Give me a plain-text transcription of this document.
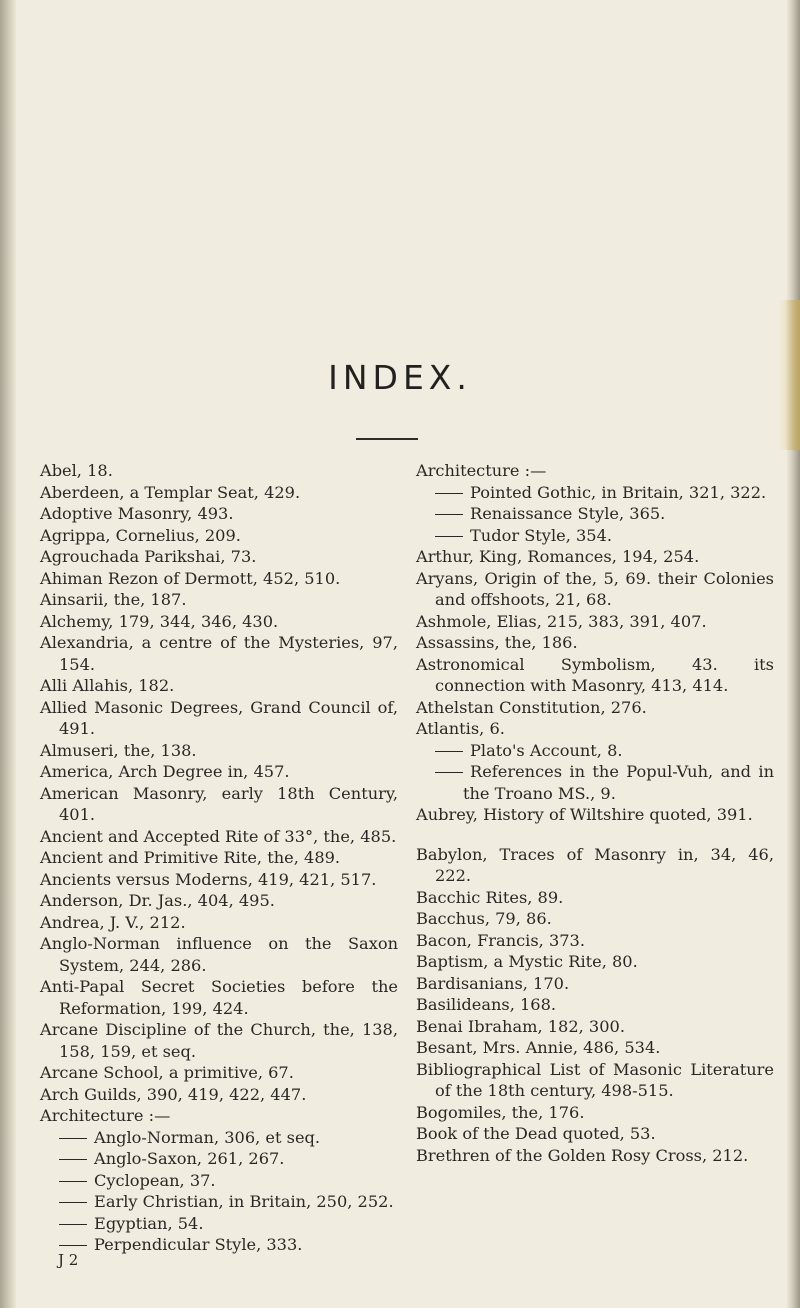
INDEX.

Abel, 18.

Aberdeen, a Templar Seat, 429.

Adoptive Masonry, 493.

Agrippa, Cornelius, 209.

Agrouchada Parikshai, 73.

Ahiman Rezon of Dermott, 452, 510.

Ainsarii, the, 187.

Alchemy, 179, 344, 346, 430.

Alexandria, a centre of the Mysteries, 97, 154.

Alli Allahis, 182.

Allied Masonic Degrees, Grand Council of, 491.

Almuseri, the, 138.

America, Arch Degree in, 457.

American Masonry, early 18th Century, 401.

Ancient and Accepted Rite of 33°, the, 485.

Ancient and Primitive Rite, the, 489.

Ancients versus Moderns, 419, 421, 517.

Anderson, Dr. Jas., 404, 495.

Andrea, J. V., 212.

Anglo-Norman influence on the Saxon System, 244, 286.

Anti-Papal Secret Societies before the Reformation, 199, 424.

Arcane Discipline of the Church, the, 138, 158, 159, et seq.

Arcane School, a primitive, 67.

Arch Guilds, 390, 419, 422, 447.

Architecture :—

Anglo-Norman, 306, et seq.

Anglo-Saxon, 261, 267.

Cyclopean, 37.

Early Christian, in Britain, 250, 252.

Egyptian, 54.

Perpendicular Style, 333.

Architecture :—

Pointed Gothic, in Britain, 321, 322.

Renaissance Style, 365.

Tudor Style, 354.

Arthur, King, Romances, 194, 254.

Aryans, Origin of the, 5, 69. their Colonies and offshoots, 21, 68.

Ashmole, Elias, 215, 383, 391, 407.

Assassins, the, 186.

Astronomical Symbolism, 43. its connection with Masonry, 413, 414.

Athelstan Constitution, 276.

Atlantis, 6.

Plato's Account, 8.

References in the Popul-Vuh, and in the Troano MS., 9.

Aubrey, History of Wiltshire quoted, 391.

Babylon, Traces of Masonry in, 34, 46, 222.

Bacchic Rites, 89.

Bacchus, 79, 86.

Bacon, Francis, 373.

Baptism, a Mystic Rite, 80.

Bardisanians, 170.

Basilideans, 168.

Benai Ibraham, 182, 300.

Besant, Mrs. Annie, 486, 534.

Bibliographical List of Masonic Literature of the 18th century, 498-515.

Bogomiles, the, 176.

Book of the Dead quoted, 53.

Brethren of the Golden Rosy Cross, 212.

J 2
